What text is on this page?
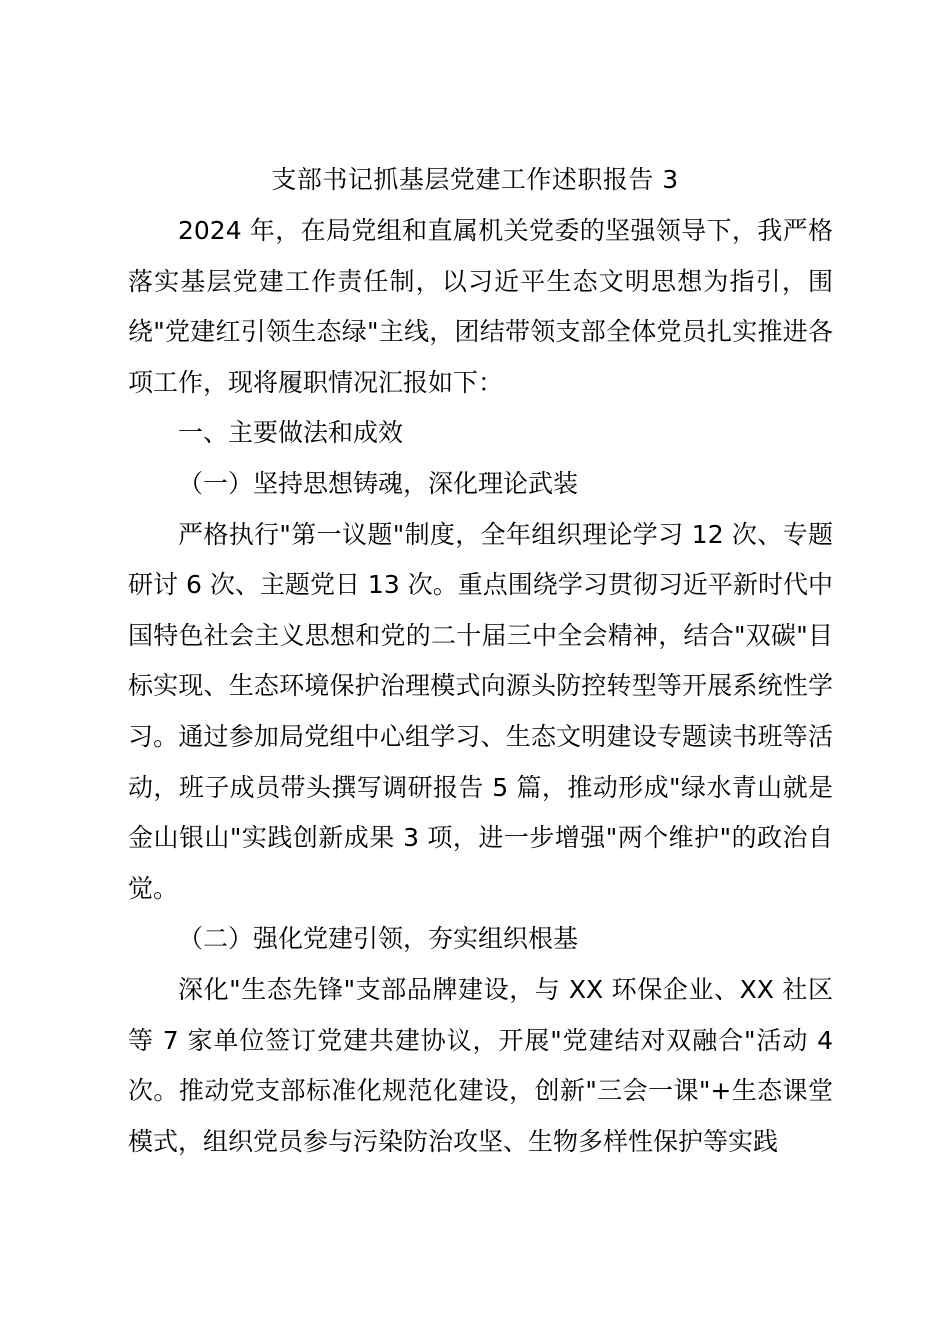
支部书记抓基层党建工作述职报告 3

2024 年，在局党组和直属机关党委的坚强领导下，我严格落实基层党建工作责任制，以习近平生态文明思想为指引，围绕"党建红引领生态绿"主线，团结带领支部全体党员扎实推进各项工作，现将履职情况汇报如下：

一、主要做法和成效

（一）坚持思想铸魂，深化理论武装

严格执行"第一议题"制度，全年组织理论学习 12 次、专题研讨 6 次、主题党日 13 次。重点围绕学习贯彻习近平新时代中国特色社会主义思想和党的二十届三中全会精神，结合"双碳"目标实现、生态环境保护治理模式向源头防控转型等开展系统性学习。通过参加局党组中心组学习、生态文明建设专题读书班等活动，班子成员带头撰写调研报告 5 篇，推动形成"绿水青山就是金山银山"实践创新成果 3 项，进一步增强"两个维护"的政治自觉。

（二）强化党建引领，夯实组织根基

深化"生态先锋"支部品牌建设，与 XX 环保企业、XX 社区等 7 家单位签订党建共建协议，开展"党建结对双融合"活动 4 次。推动党支部标准化规范化建设，创新"三会一课"+生态课堂模式，组织党员参与污染防治攻坚、生物多样性保护等实践
